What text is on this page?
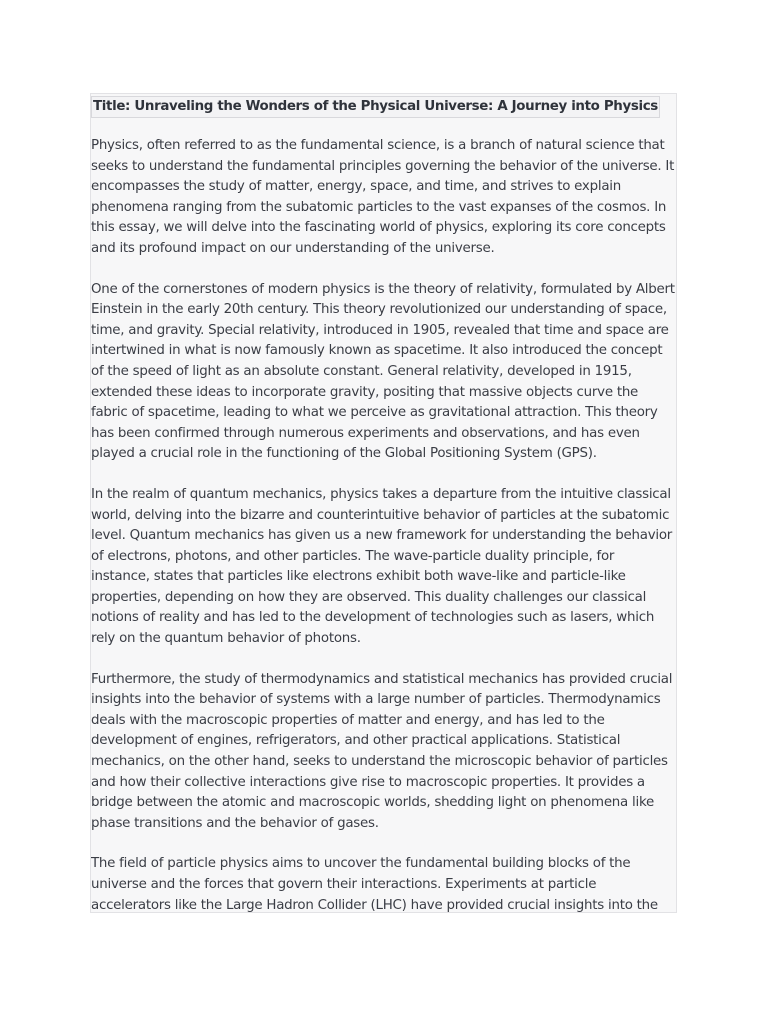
Title: Unraveling the Wonders of the Physical Universe: A Journey into Physics

Physics, often referred to as the fundamental science, is a branch of natural science that seeks to understand the fundamental principles governing the behavior of the universe. It encompasses the study of matter, energy, space, and time, and strives to explain phenomena ranging from the subatomic particles to the vast expanses of the cosmos. In this essay, we will delve into the fascinating world of physics, exploring its core concepts and its profound impact on our understanding of the universe.

One of the cornerstones of modern physics is the theory of relativity, formulated by Albert Einstein in the early 20th century. This theory revolutionized our understanding of space, time, and gravity. Special relativity, introduced in 1905, revealed that time and space are intertwined in what is now famously known as spacetime. It also introduced the concept of the speed of light as an absolute constant. General relativity, developed in 1915, extended these ideas to incorporate gravity, positing that massive objects curve the fabric of spacetime, leading to what we perceive as gravitational attraction. This theory has been confirmed through numerous experiments and observations, and has even played a crucial role in the functioning of the Global Positioning System (GPS).

In the realm of quantum mechanics, physics takes a departure from the intuitive classical world, delving into the bizarre and counterintuitive behavior of particles at the subatomic level. Quantum mechanics has given us a new framework for understanding the behavior of electrons, photons, and other particles. The wave-particle duality principle, for instance, states that particles like electrons exhibit both wave-like and particle-like properties, depending on how they are observed. This duality challenges our classical notions of reality and has led to the development of technologies such as lasers, which rely on the quantum behavior of photons.

Furthermore, the study of thermodynamics and statistical mechanics has provided crucial insights into the behavior of systems with a large number of particles. Thermodynamics deals with the macroscopic properties of matter and energy, and has led to the development of engines, refrigerators, and other practical applications. Statistical mechanics, on the other hand, seeks to understand the microscopic behavior of particles and how their collective interactions give rise to macroscopic properties. It provides a bridge between the atomic and macroscopic worlds, shedding light on phenomena like phase transitions and the behavior of gases.

The field of particle physics aims to uncover the fundamental building blocks of the universe and the forces that govern their interactions. Experiments at particle accelerators like the Large Hadron Collider (LHC) have provided crucial insights into the
